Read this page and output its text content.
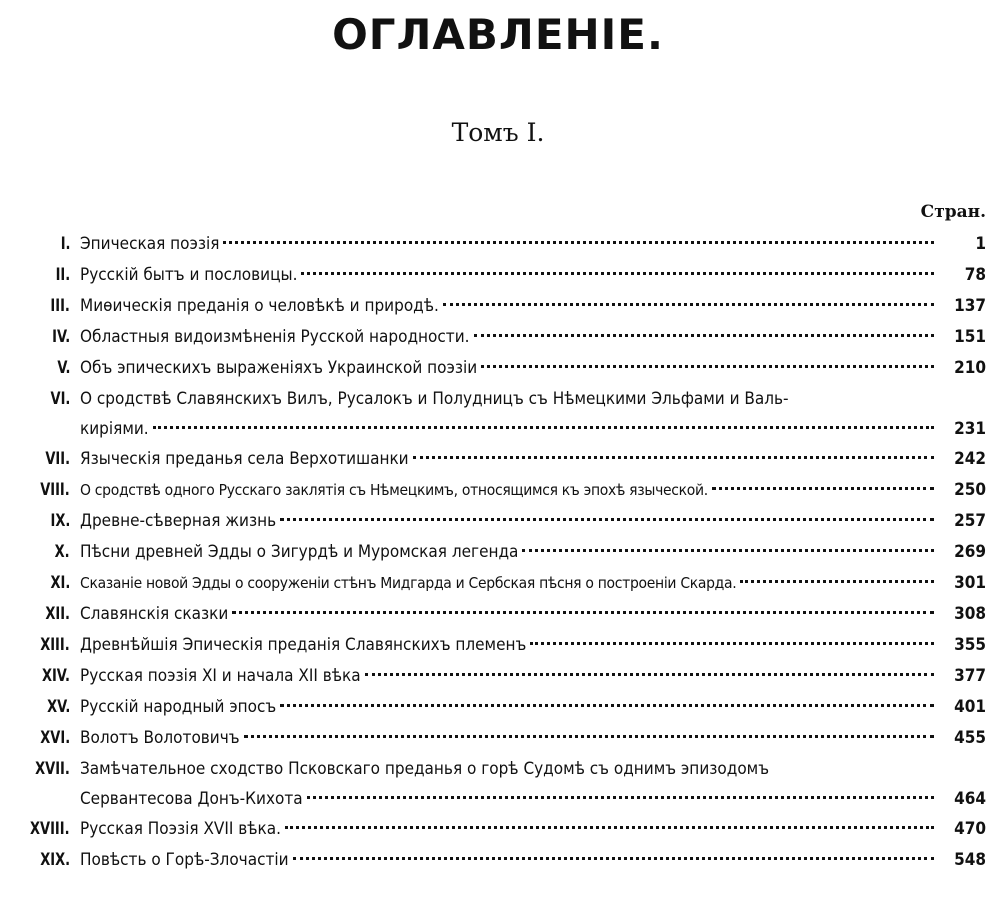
ОГЛАВЛЕНІЕ.
Томъ I.
Стран.
I. Эпическая поэзія	1
II. Русскій бытъ и пословицы.	78
III. Миѳическія преданія о человѣкѣ и природѣ.	137
IV. Областныя видоизмѣненія Русской народности.	151
V. Объ эпическихъ выраженіяхъ Украинской поэзіи	210
VI. О сродствѣ Славянскихъ Вилъ, Русалокъ и Полудницъ съ Нѣмецкими Эльфами и Валь-
киріями.	231
VII. Языческія преданья села Верхотишанки	242
VIII. О сродствѣ одного Русскаго заклятія съ Нѣмецкимъ, относящимся къ эпохѣ языческой.	250
IX. Древне-сѣверная жизнь	257
X. Пѣсни древней Эдды о Зигурдѣ и Муромская легенда	269
XI. Сказаніе новой Эдды о сооруженіи стѣнъ Мидгарда и Сербская пѣсня о построеніи Скарда.	301
XII. Славянскія сказки	308
XIII. Древнѣйшія Эпическія преданія Славянскихъ племенъ	355
XIV. Русская поэзія XI и начала XII вѣка	377
XV. Русскій народный эпосъ	401
XVI. Волотъ Волотовичъ	455
XVII. Замѣчательное сходство Псковскаго преданья о горѣ Судомѣ съ однимъ эпизодомъ
Сервантесова Донъ-Кихота	464
XVIII. Русская Поэзія XVII вѣка.	470
XIX. Повѣсть о Горѣ-Злочастіи	548
